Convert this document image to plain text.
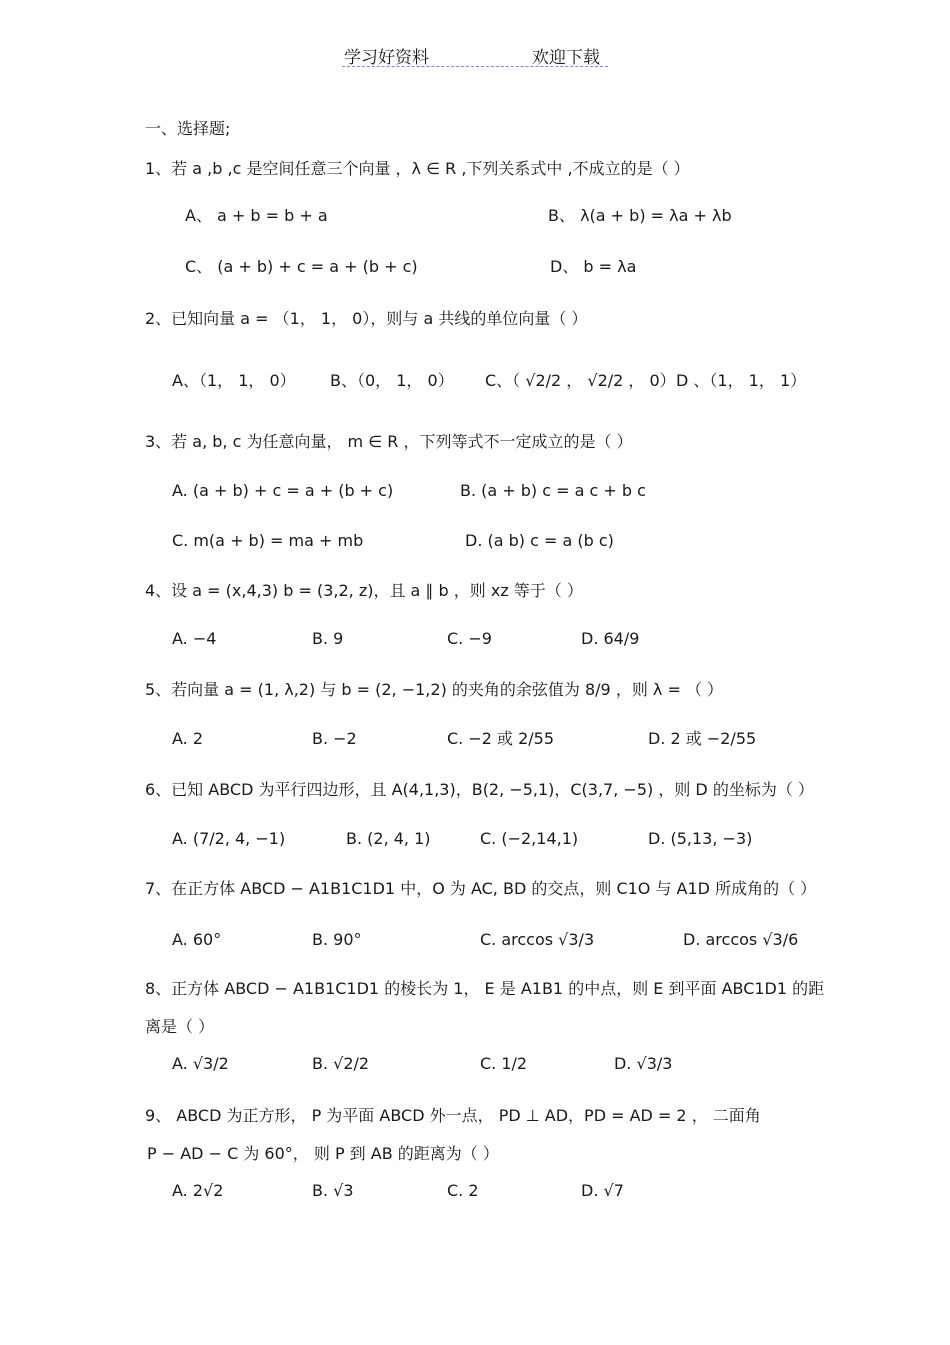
学习好资料	欢迎下载
一、选择题;
1、若 a ,b ,c 是空间任意三个向量 ，λ ∈ R ,下列关系式中 ,不成立的是（ ）
A、 a + b = b + a	B、 λ(a + b) = λa + λb
C、 (a + b) + c = a + (b + c)	D、 b = λa
2、已知向量 a = （1， 1， 0），则与 a 共线的单位向量（ ）
A、（1， 1， 0） B、（0， 1， 0） C、（ √2/2 ， √2/2 ， 0） D 、（1， 1， 1）
3、若 a, b, c 为任意向量， m ∈ R ，下列等式不一定成立的是（ ）
A. (a + b) + c = a + (b + c)	B. (a + b) c = a c + b c
C. m(a + b) = ma + mb	D. (a b) c = a (b c)
4、设 a = (x,4,3) b = (3,2, z)，且 a ∥ b ，则 xz 等于（ ）
A. −4	B. 9	C. −9	D. 64/9
5、若向量 a = (1, λ,2) 与 b = (2, −1,2) 的夹角的余弦值为 8/9 ，则 λ = （ ）
A. 2	B. −2	C. −2 或 2/55	D. 2 或 −2/55
6、已知 ABCD 为平行四边形，且 A(4,1,3)，B(2, −5,1)，C(3,7, −5) ，则 D 的坐标为（ ）
A. (7/2, 4, −1)	B. (2, 4, 1)	C. (−2,14,1)	D. (5,13, −3)
7、在正方体 ABCD − A1B1C1D1 中，O 为 AC, BD 的交点，则 C1O 与 A1D 所成角的（ ）
A. 60°	B. 90°	C. arccos √3/3	D. arccos √3/6
8、正方体 ABCD − A1B1C1D1 的棱长为 1， E 是 A1B1 的中点，则 E 到平面 ABC1D1 的距
离是（ ）
A. √3/2	B. √2/2	C. 1/2	D. √3/3
9、 ABCD 为正方形， P 为平面 ABCD 外一点， PD ⊥ AD，PD = AD = 2 ， 二面角
P − AD − C 为 60°， 则 P 到 AB 的距离为（ ）
A. 2√2	B. √3	C. 2	D. √7
